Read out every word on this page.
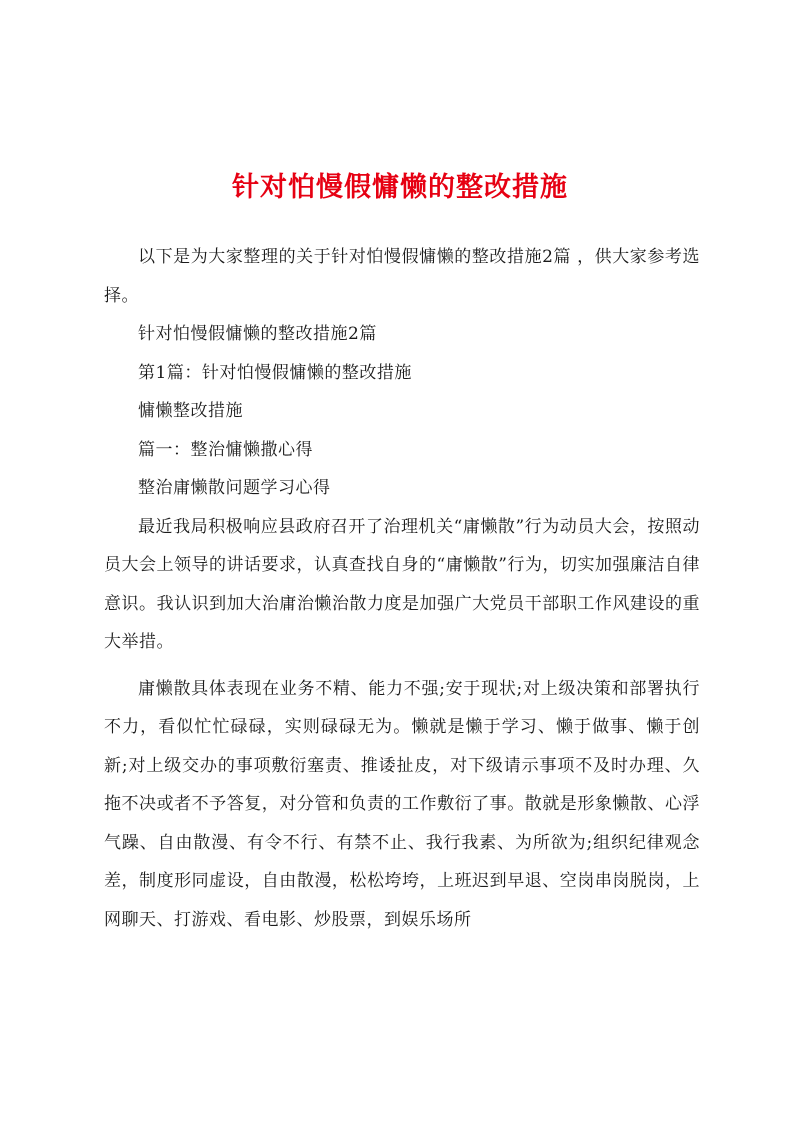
针对怕慢假慵懒的整改措施

以下是为大家整理的关于针对怕慢假慵懒的整改措施2篇 ，供大家参考选择。

针对怕慢假慵懒的整改措施2篇

第1篇：针对怕慢假慵懒的整改措施

慵懒整改措施

篇一：整治慵懒撒心得

整治庸懒散问题学习心得

最近我局积极响应县政府召开了治理机关“庸懒散”行为动员大会，按照动员大会上领导的讲话要求，认真查找自身的“庸懒散”行为，切实加强廉洁自律意识。我认识到加大治庸治懒治散力度是加强广大党员干部职工作风建设的重大举措。

庸懒散具体表现在业务不精、能力不强;安于现状;对上级决策和部署执行不力，看似忙忙碌碌，实则碌碌无为。懒就是懒于学习、懒于做事、懒于创新;对上级交办的事项敷衍塞责、推诿扯皮，对下级请示事项不及时办理、久拖不决或者不予答复，对分管和负责的工作敷衍了事。散就是形象懒散、心浮气躁、自由散漫、有令不行、有禁不止、我行我素、为所欲为;组织纪律观念差，制度形同虚设，自由散漫，松松垮垮，上班迟到早退、空岗串岗脱岗，上网聊天、打游戏、看电影、炒股票，到娱乐场所
